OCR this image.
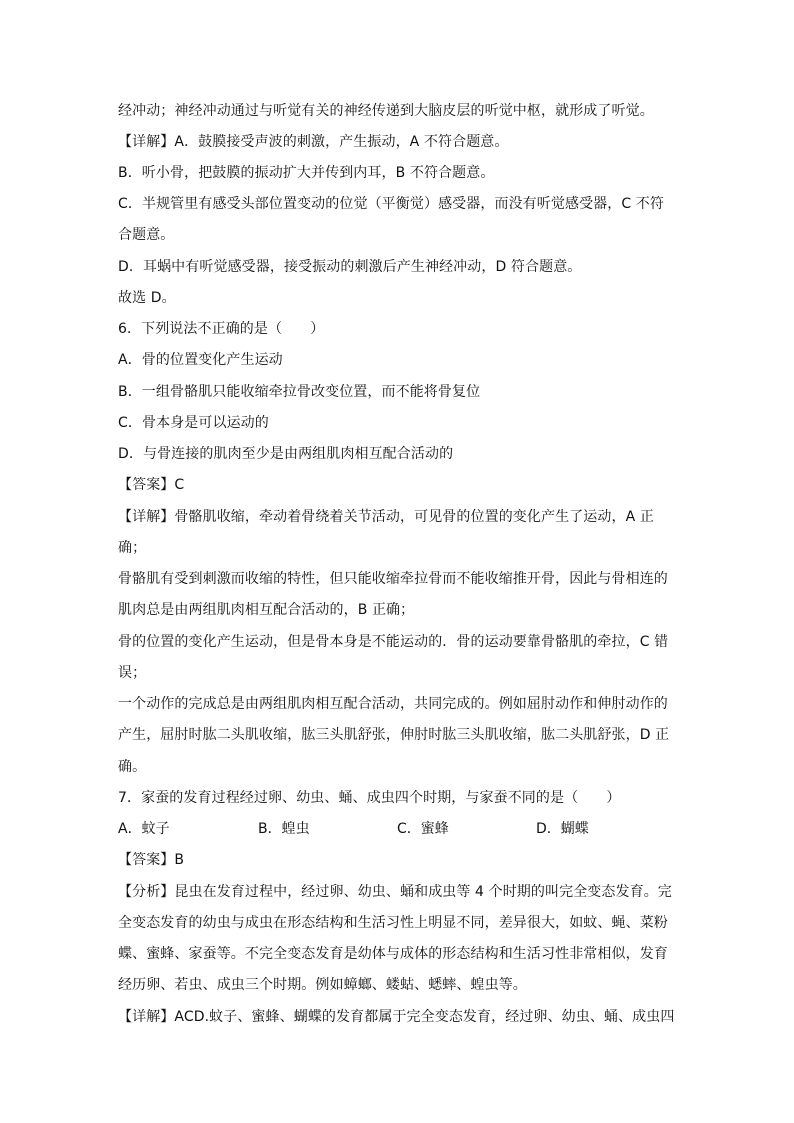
经冲动；神经冲动通过与听觉有关的神经传递到大脑皮层的听觉中枢，就形成了听觉。

【详解】A．鼓膜接受声波的刺激，产生振动，A 不符合题意。

B．听小骨，把鼓膜的振动扩大并传到内耳，B 不符合题意。

C．半规管里有感受头部位置变动的位觉（平衡觉）感受器，而没有听觉感受器，C 不符

合题意。

D．耳蜗中有听觉感受器，接受振动的刺激后产生神经冲动，D 符合题意。

故选 D。

6．下列说法不正确的是（　　）

A．骨的位置变化产生运动

B．一组骨骼肌只能收缩牵拉骨改变位置，而不能将骨复位

C．骨本身是可以运动的

D．与骨连接的肌肉至少是由两组肌肉相互配合活动的

【答案】C

【详解】骨骼肌收缩，牵动着骨绕着关节活动，可见骨的位置的变化产生了运动，A 正

确；

骨骼肌有受到刺激而收缩的特性，但只能收缩牵拉骨而不能收缩推开骨，因此与骨相连的

肌肉总是由两组肌肉相互配合活动的，B 正确；

骨的位置的变化产生运动，但是骨本身是不能运动的．骨的运动要靠骨骼肌的牵拉，C 错

误；

一个动作的完成总是由两组肌肉相互配合活动，共同完成的。例如屈肘动作和伸肘动作的

产生，屈肘时肱二头肌收缩，肱三头肌舒张，伸肘时肱三头肌收缩，肱二头肌舒张，D 正

确。

7．家蚕的发育过程经过卵、幼虫、蛹、成虫四个时期，与家蚕不同的是（　　）

A．蚊子	B．蝗虫	C．蜜蜂	D．蝴蝶

【答案】B

【分析】昆虫在发育过程中，经过卵、幼虫、蛹和成虫等 4 个时期的叫完全变态发育。完

全变态发育的幼虫与成虫在形态结构和生活习性上明显不同，差异很大，如蚊、蝇、菜粉

蝶、蜜蜂、家蚕等。不完全变态发育是幼体与成体的形态结构和生活习性非常相似，发育

经历卵、若虫、成虫三个时期。例如蟑螂、蝼蛄、蟋蟀、蝗虫等。

【详解】ACD.蚊子、蜜蜂、蝴蝶的发育都属于完全变态发育，经过卵、幼虫、蛹、成虫四
